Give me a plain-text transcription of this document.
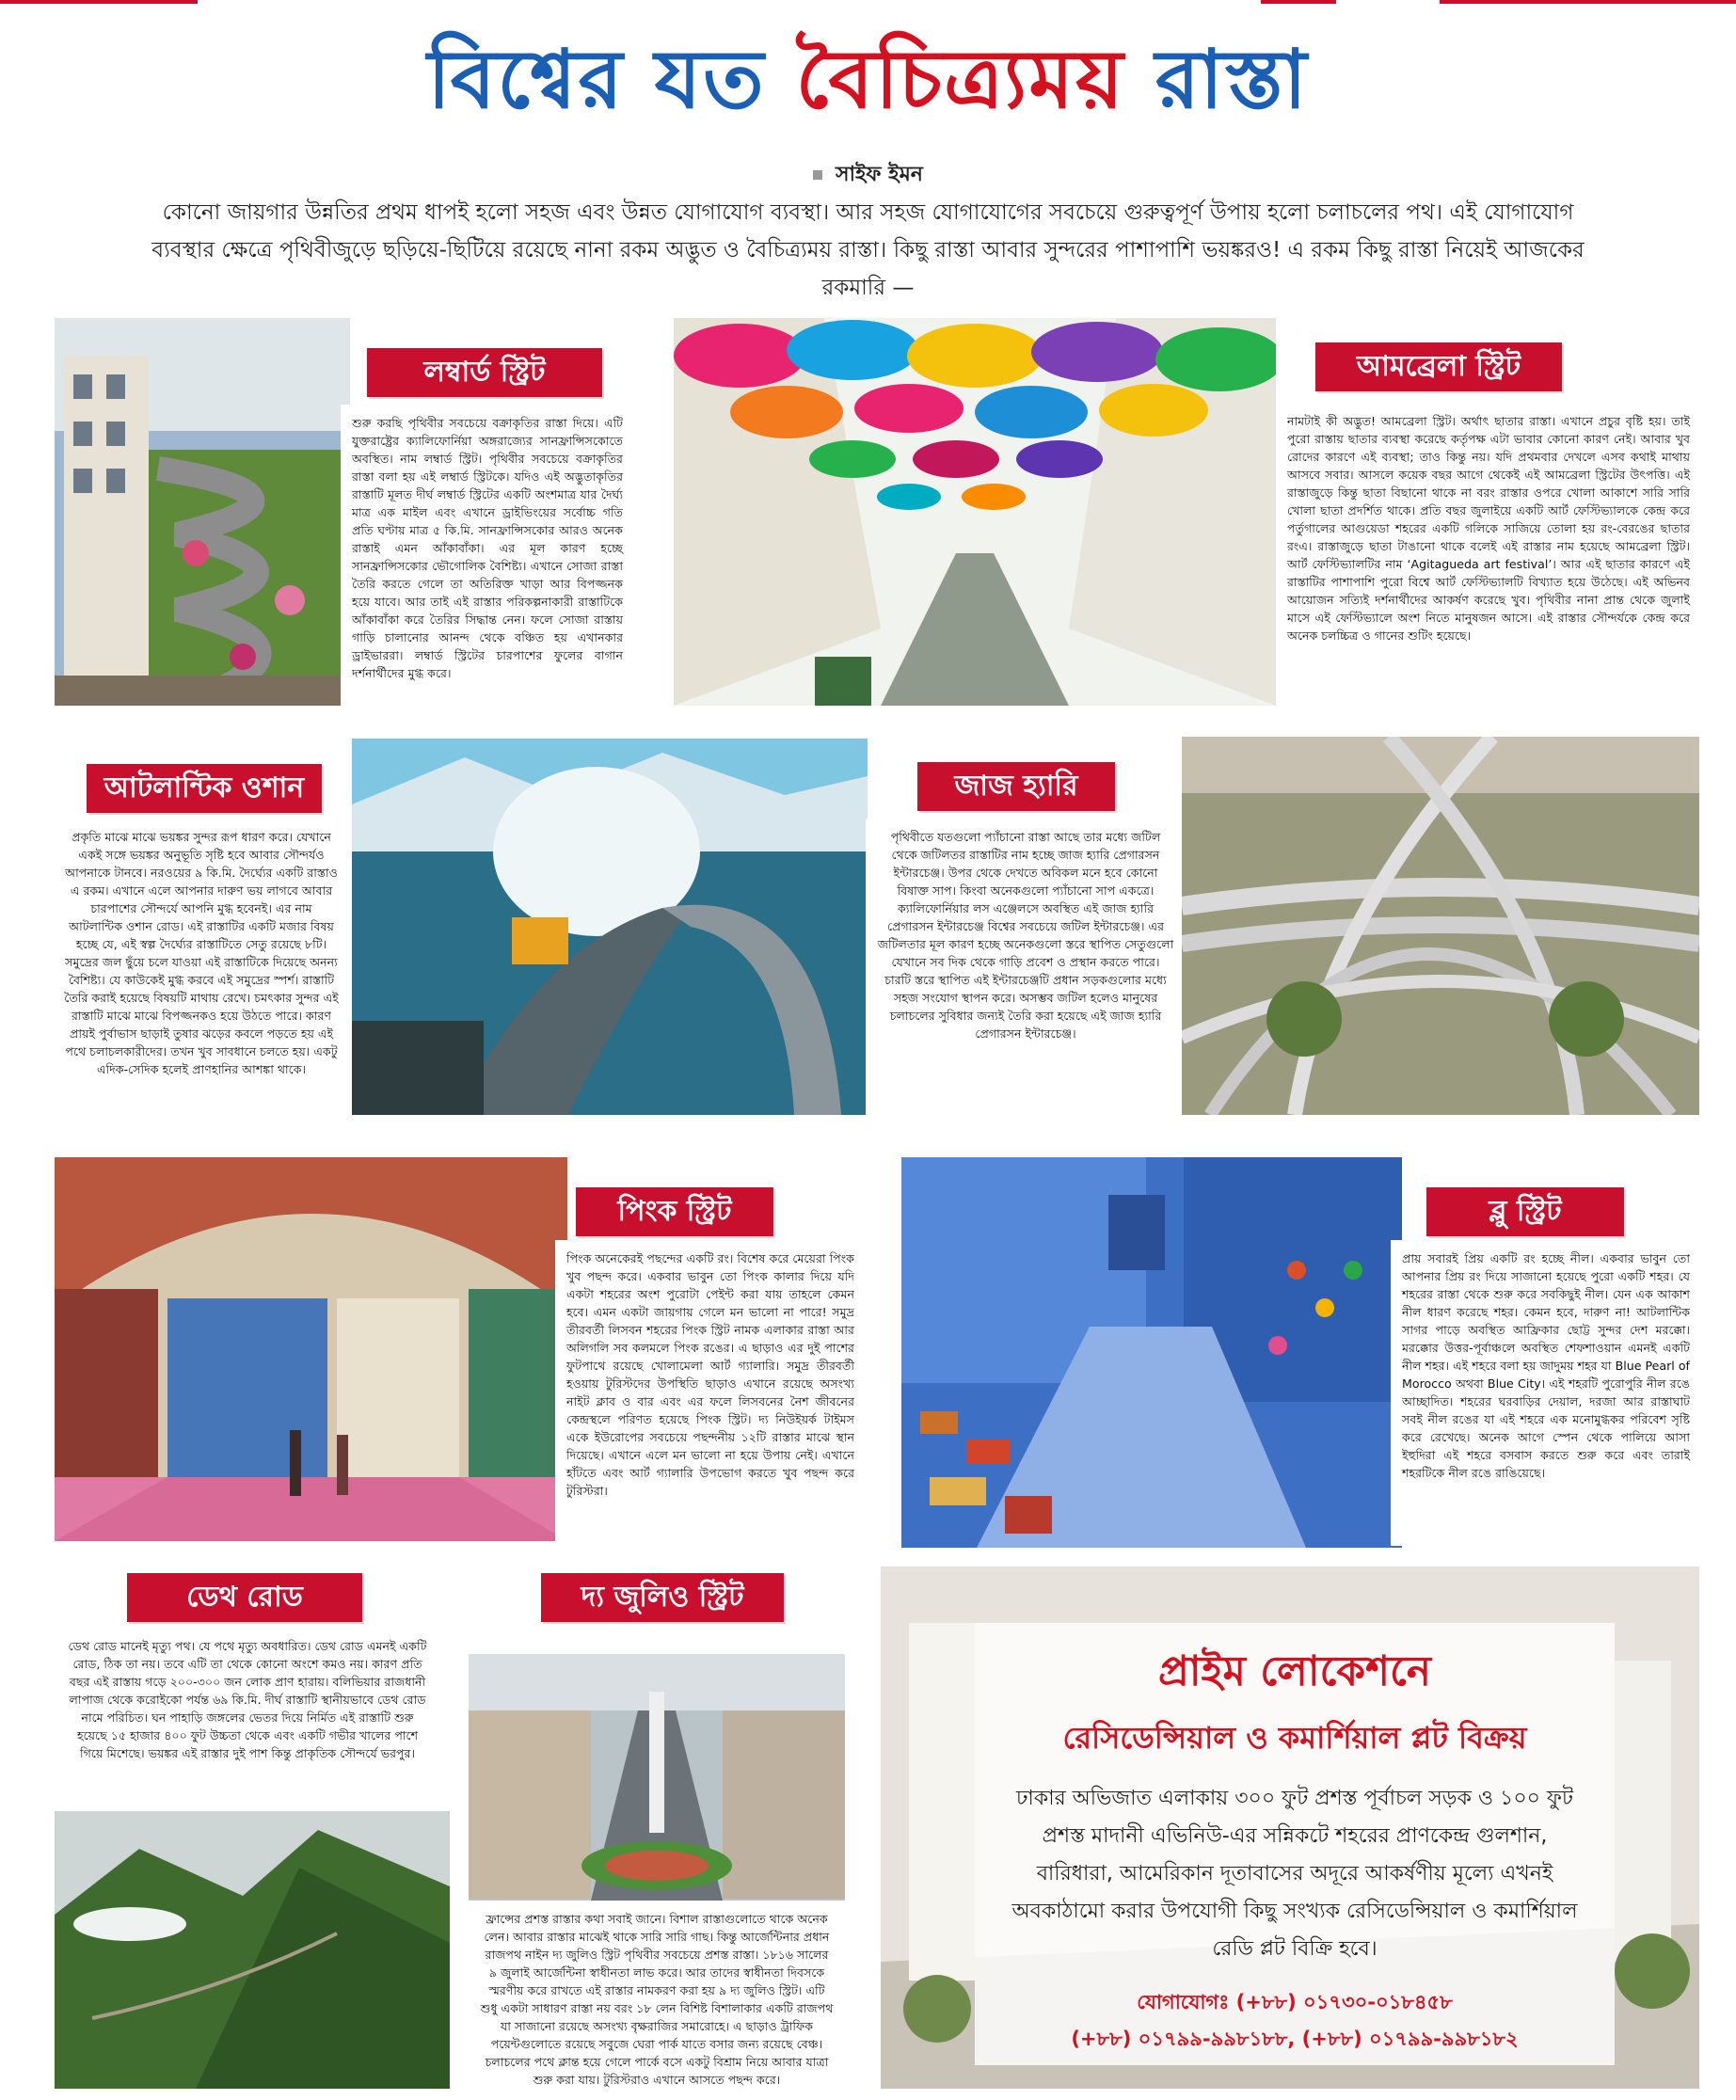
বিশ্বের যত বৈচিত্র্যময় রাস্তা
সাইফ ইমন
কোনো জায়গার উন্নতির প্রথম ধাপই হলো সহজ এবং উন্নত যোগাযোগ ব্যবস্থা। আর সহজ যোগাযোগের সবচেয়ে গুরুত্বপূর্ণ উপায় হলো চলাচলের পথ। এই যোগাযোগ ব্যবস্থার ক্ষেত্রে পৃথিবীজুড়ে ছড়িয়ে-ছিটিয়ে রয়েছে নানা রকম অদ্ভুত ও বৈচিত্র্যময় রাস্তা। কিছু রাস্তা আবার সুন্দরের পাশাপাশি ভয়ঙ্করও! এ রকম কিছু রাস্তা নিয়েই আজকের রকমারি —
লম্বার্ড স্ট্রিট
শুরু করছি পৃথিবীর সবচেয়ে বক্রাকৃতির রাস্তা দিয়ে। এটি যুক্তরাষ্ট্রের ক্যালিফোর্নিয়া অঙ্গরাজ্যের সানফ্রান্সিসকোতে অবস্থিত। নাম লম্বার্ড স্ট্রিট। পৃথিবীর সবচেয়ে বক্রাকৃতির রাস্তা বলা হয় এই লম্বার্ড স্ট্রিটকে। যদিও এই অদ্ভুতাকৃতির রাস্তাটি মূলত দীর্ঘ লম্বার্ড স্ট্রিটের একটি অংশমাত্র যার দৈর্ঘ্য মাত্র এক মাইল এবং এখানে ড্রাইভিংয়ের সর্বোচ্চ গতি প্রতি ঘণ্টায় মাত্র ৫ কি.মি. সানফ্রান্সিসকোর আরও অনেক রাস্তাই এমন আঁকাবাঁকা। এর মূল কারণ হচ্ছে সানফ্রান্সিসকোর ভৌগোলিক বৈশিষ্ট্য। এখানে সোজা রাস্তা তৈরি করতে গেলে তা অতিরিক্ত খাড়া আর বিপজ্জনক হয়ে যাবে। আর তাই এই রাস্তার পরিকল্পনাকারী রাস্তাটিকে আঁকাবাঁকা করে তৈরির সিদ্ধান্ত নেন। ফলে সোজা রাস্তায় গাড়ি চালানোর আনন্দ থেকে বঞ্চিত হয় এখানকার ড্রাইভাররা। লম্বার্ড স্ট্রিটের চারপাশের ফুলের বাগান দর্শনার্থীদের মুগ্ধ করে।
আমব্রেলা স্ট্রিট
নামটাই কী অদ্ভুত! আমব্রেলা স্ট্রিট। অর্থাৎ ছাতার রাস্তা। এখানে প্রচুর বৃষ্টি হয়। তাই পুরো রাস্তায় ছাতার ব্যবস্থা করেছে কর্তৃপক্ষ এটা ভাবার কোনো কারণ নেই। আবার খুব রোদের কারণে এই ব্যবস্থা; তাও কিন্তু নয়। যদি প্রথমবার দেখলে এসব কথাই মাথায় আসবে সবার। আসলে কয়েক বছর আগে থেকেই এই আমব্রেলা স্ট্রিটের উৎপত্তি। এই রাস্তাজুড়ে কিন্তু ছাতা বিছানো থাকে না বরং রাস্তার ওপরে খোলা আকাশে সারি সারি খোলা ছাতা প্রদর্শিত থাকে। প্রতি বছর জুলাইয়ে একটি আর্ট ফেস্টিভ্যালকে কেন্দ্র করে পর্তুগালের আগুয়েডা শহরের একটি গলিকে সাজিয়ে তোলা হয় রং-বেরঙের ছাতার রংএ। রাস্তাজুড়ে ছাতা টাঙানো থাকে বলেই এই রাস্তার নাম হয়েছে আমব্রেলা স্ট্রিট। আর্ট ফেস্টিভ্যালটির নাম ‘Agitagueda art festival’। আর এই ছাতার কারণে এই রাস্তাটির পাশাপাশি পুরো বিশ্বে আর্ট ফেস্টিভ্যালটি বিখ্যাত হয়ে উঠেছে। এই অভিনব আয়োজন সত্যিই দর্শনার্থীদের আকর্ষণ করেছে খুব। পৃথিবীর নানা প্রান্ত থেকে জুলাই মাসে এই ফেস্টিভ্যালে অংশ নিতে মানুষজন আসে। এই রাস্তার সৌন্দর্যকে কেন্দ্র করে অনেক চলচ্চিত্র ও গানের শুটিং হয়েছে।
আটলান্টিক ওশান
প্রকৃতি মাঝে মাঝে ভয়ঙ্কর সুন্দর রূপ ধারণ করে। যেখানে একই সঙ্গে ভয়ঙ্কর অনুভূতি সৃষ্টি হবে আবার সৌন্দর্যও আপনাকে টানবে। নরওয়ের ৯ কি.মি. দৈর্ঘ্যের একটি রাস্তাও এ রকম। এখানে এলে আপনার দারুণ ভয় লাগবে আবার চারপাশের সৌন্দর্যে আপনি মুগ্ধ হবেনই। এর নাম আটলান্টিক ওশান রোড। এই রাস্তাটির একটি মজার বিষয় হচ্ছে যে, এই স্বল্প দৈর্ঘ্যের রাস্তাটিতে সেতু রয়েছে ৮টি। সমুদ্রের জল ছুঁয়ে চলে যাওয়া এই রাস্তাটিকে দিয়েছে অনন্য বৈশিষ্ট্য। যে কাউকেই মুগ্ধ করবে এই সমুদ্রের স্পর্শ। রাস্তাটি তৈরি করাই হয়েছে বিষয়টি মাথায় রেখে। চমৎকার সুন্দর এই রাস্তাটি মাঝে মাঝে বিপজ্জনকও হয়ে উঠতে পারে। কারণ প্রায়ই পুর্বাভাস ছাড়াই তুষার ঝড়ের কবলে পড়তে হয় এই পথে চলাচলকারীদের। তখন খুব সাবধানে চলতে হয়। একটু এদিক-সেদিক হলেই প্রাণহানির আশঙ্কা থাকে।
জাজ হ্যারি
পৃথিবীতে যতগুলো প্যাঁচানো রাস্তা আছে তার মধ্যে জটিল থেকে জটিলতর রাস্তাটির নাম হচ্ছে জাজ হ্যারি প্রেগারসন ইন্টারচেঞ্জ। উপর থেকে দেখতে অবিকল মনে হবে কোনো বিষাক্ত সাপ। কিংবা অনেকগুলো প্যাঁচানো সাপ একত্রে। ক্যালিফোর্নিয়ার লস এঞ্জেলসে অবস্থিত এই জাজ হ্যারি প্রেগারসন ইন্টারচেঞ্জ বিশ্বের সবচেয়ে জটিল ইন্টারচেঞ্জ। এর জটিলতার মূল কারণ হচ্ছে অনেকগুলো স্তরে স্থাপিত সেতুগুলো যেখানে সব দিক থেকে গাড়ি প্রবেশ ও প্রস্থান করতে পারে। চারটি স্তরে স্থাপিত এই ইন্টারচেঞ্জটি প্রধান সড়কগুলোর মধ্যে সহজ সংযোগ স্থাপন করে। অসম্ভব জটিল হলেও মানুষের চলাচলের সুবিধার জন্যই তৈরি করা হয়েছে এই জাজ হ্যারি প্রেগারসন ইন্টারচেঞ্জ।
পিংক স্ট্রিট
পিংক অনেকেরই পছন্দের একটি রং। বিশেষ করে মেয়েরা পিংক খুব পছন্দ করে। একবার ভাবুন তো পিংক কালার দিয়ে যদি একটা শহরের অংশ পুরোটা পেইন্ট করা যায় তাহলে কেমন হবে। এমন একটা জায়গায় গেলে মন ভালো না পারে! সমুদ্র তীরবর্তী লিসবন শহরের পিংক স্ট্রিট নামক এলাকার রাস্তা আর অলিগলি সব কলমলে পিংক রঙের। এ ছাড়াও এর দুই পাশের ফুটপাথে রয়েছে খোলামেলা আর্ট গ্যালারি। সমুদ্র তীরবর্তী হওয়ায় টুরিস্টদের উপস্থিতি ছাড়াও এখানে রয়েছে অসংখ্য নাইট ক্লাব ও বার এবং এর ফলে লিসবনের নৈশ জীবনের কেন্দ্রস্থলে পরিণত হয়েছে পিংক স্ট্রিট। দ্য নিউইয়র্ক টাইমস একে ইউরোপের সবচেয়ে পছন্দনীয় ১২টি রাস্তার মাঝে স্থান দিয়েছে। এখানে এলে মন ভালো না হয়ে উপায় নেই। এখানে হাঁটতে এবং আর্ট গ্যালারি উপভোগ করতে খুব পছন্দ করে টুরিস্টরা।
ব্লু স্ট্রিট
প্রায় সবারই প্রিয় একটি রং হচ্ছে নীল। একবার ভাবুন তো আপনার প্রিয় রং দিয়ে সাজানো হয়েছে পুরো একটি শহর। যে শহরের রাস্তা থেকে শুরু করে সবকিছুই নীল। যেন এক আকাশ নীল ধারণ করেছে শহর। কেমন হবে, দারুণ না! আটলান্টিক সাগর পাড়ে অবস্থিত আফ্রিকার ছোট্ট সুন্দর দেশ মরক্কো। মরক্কোর উত্তর-পূর্বাঞ্চলে অবস্থিত শেফশাওয়ান এমনই একটি নীল শহর। এই শহরে বলা হয় জাদুময় শহর যা Blue Pearl of Morocco অথবা Blue City। এই শহরটি পুরোপুরি নীল রঙে আচ্ছাদিত। শহরের ঘরবাড়ির দেয়াল, দরজা আর রাস্তাঘাট সবই নীল রঙের যা এই শহরে এক মনোমুগ্ধকর পরিবেশ সৃষ্টি করে রেখেছে। অনেক আগে স্পেন থেকে পালিয়ে আসা ইহুদিরা এই শহরে বসবাস করতে শুরু করে এবং তারাই শহরটিকে নীল রঙে রাঙিয়েছে।
ডেথ রোড
ডেথ রোড মানেই মৃত্যু পথ। যে পথে মৃত্যু অবধারিত। ডেথ রোড এমনই একটি রোড, ঠিক তা নয়। তবে এটি তা থেকে কোনো অংশে কমও নয়। কারণ প্রতি বছর এই রাস্তায় গড়ে ২০০-৩০০ জন লোক প্রাণ হারায়। বলিভিয়ার রাজধানী লাপাজ থেকে করোইকো পর্যন্ত ৬৯ কি.মি. দীর্ঘ রাস্তাটি স্থানীয়ভাবে ডেথ রোড নামে পরিচিত। ঘন পাহাড়ি জঙ্গলের ভেতর দিয়ে নির্মিত এই রাস্তাটি শুরু হয়েছে ১৫ হাজার ৪০০ ফুট উচ্চতা থেকে এবং একটি গভীর খালের পাশে গিয়ে মিশেছে। ভয়ঙ্কর এই রাস্তার দুই পাশ কিন্তু প্রাকৃতিক সৌন্দর্যে ভরপুর।
দ্য জুলিও স্ট্রিট
ফ্রান্সের প্রশস্ত রাস্তার কথা সবাই জানে। বিশাল রাস্তাগুলোতে থাকে অনেক লেন। আবার রাস্তার মাঝেই থাকে সারি সারি গাছ। কিন্তু আর্জেন্টিনার প্রধান রাজপথ নাইন দ্য জুলিও স্ট্রিট পৃথিবীর সবচেয়ে প্রশস্ত রাস্তা। ১৮১৬ সালের ৯ জুলাই আর্জেন্টিনা স্বাধীনতা লাভ করে। আর তাদের স্বাধীনতা দিবসকে স্মরণীয় করে রাখতে এই রাস্তার নামকরণ করা হয় ৯ দ্য জুলিও স্ট্রিট। এটি শুধু একটা সাধারণ রাস্তা নয় বরং ১৮ লেন বিশিষ্ট বিশালাকার একটি রাজপথ যা সাজানো রয়েছে অসংখ্য বৃক্ষরাজির সমারোহে। এ ছাড়াও ট্রাফিক পয়েন্টগুলোতে রয়েছে সবুজে ঘেরা পার্ক যাতে বসার জন্য রয়েছে বেঞ্চ। চলাচলের পথে ক্লান্ত হয়ে গেলে পার্কে বসে একটু বিশ্রাম নিয়ে আবার যাত্রা শুরু করা যায়। টুরিস্টরাও এখানে আসতে পছন্দ করে।
প্রাইম লোকেশনে
রেসিডেন্সিয়াল ও কমার্শিয়াল প্লট বিক্রয়
ঢাকার অভিজাত এলাকায় ৩০০ ফুট প্রশস্ত পূর্বাচল সড়ক ও ১০০ ফুট প্রশস্ত মাদানী এভিনিউ-এর সন্নিকটে শহরের প্রাণকেন্দ্র গুলশান, বারিধারা, আমেরিকান দূতাবাসের অদূরে আকর্ষণীয় মূল্যে এখনই অবকাঠামো করার উপযোগী কিছু সংখ্যক রেসিডেন্সিয়াল ও কমার্শিয়াল রেডি প্লট বিক্রি হবে।
যোগাযোগঃ (+৮৮) ০১৭৩০-০১৮৪৫৮
(+৮৮) ০১৭৯৯-৯৯৮১৮৮, (+৮৮) ০১৭৯৯-৯৯৮১৮২
